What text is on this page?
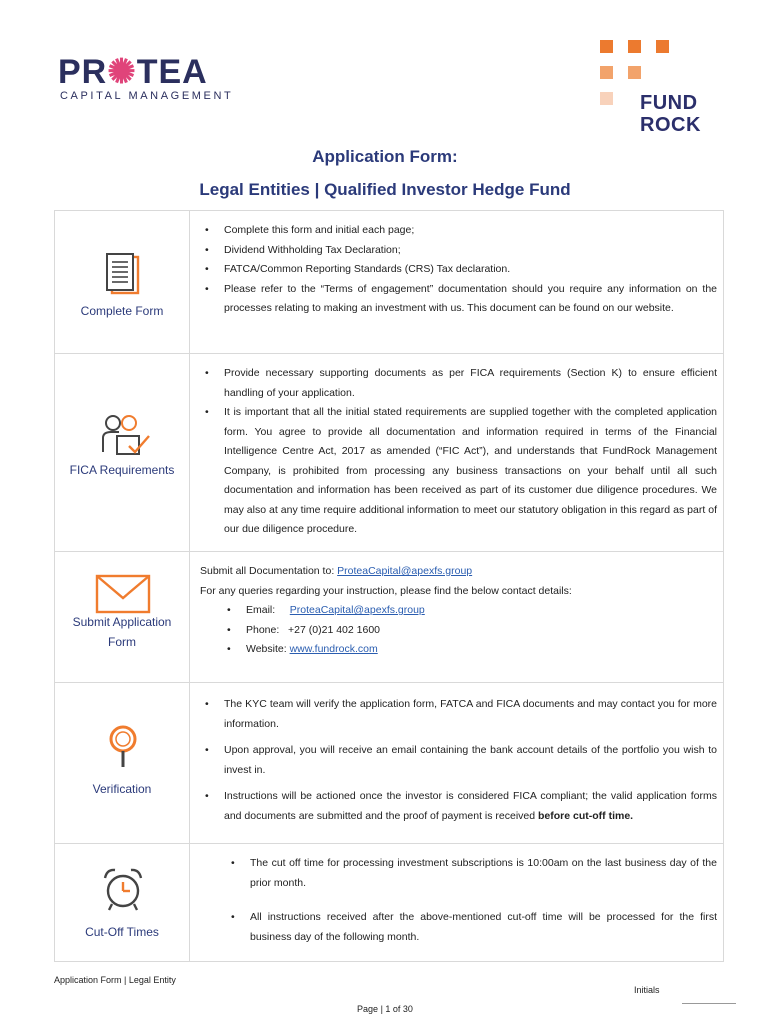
PR✺TEA
CAPITAL MANAGEMENT	FUND
ROCK
Application Form:
Legal Entities | Qualified Investor Hedge Fund
Complete Form
• Complete this form and initial each page;
• Dividend Withholding Tax Declaration;
• FATCA/Common Reporting Standards (CRS) Tax declaration.
• Please refer to the “Terms of engagement” documentation should you require any information on the processes relating to making an investment with us. This document can be found on our website.
FICA Requirements
• Provide necessary supporting documents as per FICA requirements (Section K) to ensure efficient handling of your application.
• It is important that all the initial stated requirements are supplied together with the completed application form. You agree to provide all documentation and information required in terms of the Financial Intelligence Centre Act, 2017 as amended (“FIC Act”), and understands that FundRock Management Company, is prohibited from processing any business transactions on your behalf until all such documentation and information has been received as part of its customer due diligence procedures. We may also at any time require additional information to meet our statutory obligation in this regard as part of our due diligence procedure.
Submit Application
Form
Submit all Documentation to: ProteaCapital@apexfs.group
For any queries regarding your instruction, please find the below contact details:
• Email: ProteaCapital@apexfs.group
• Phone: +27 (0)21 402 1600
• Website: www.fundrock.com
Verification
• The KYC team will verify the application form, FATCA and FICA documents and may contact you for more information.
• Upon approval, you will receive an email containing the bank account details of the portfolio you wish to invest in.
• Instructions will be actioned once the investor is considered FICA compliant; the valid application forms and documents are submitted and the proof of payment is received before cut-off time.
Cut-Off Times
• The cut off time for processing investment subscriptions is 10:00am on the last business day of the prior month.
• All instructions received after the above-mentioned cut-off time will be processed for the first business day of the following month.
Application Form | Legal Entity
Initials
Page | 1 of 30
